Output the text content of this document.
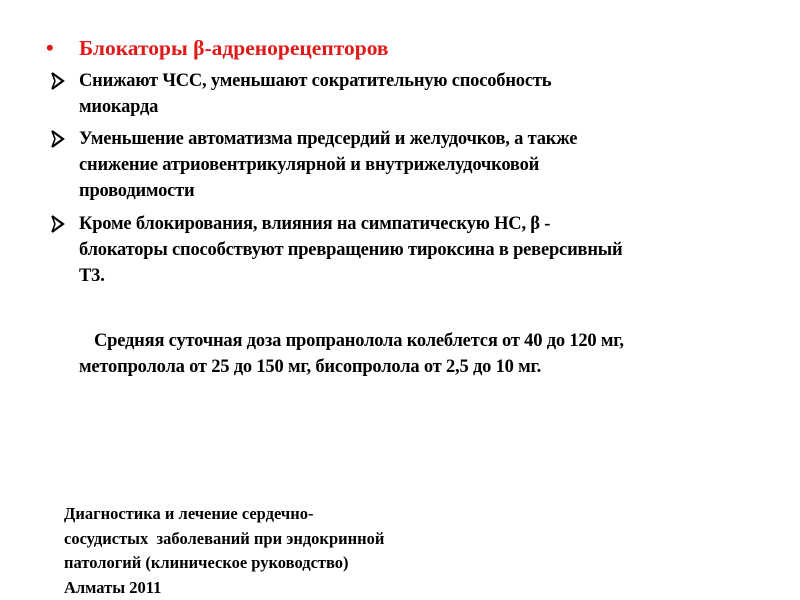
• Блокаторы β-адренорецепторов
Снижают ЧСС, уменьшают сократительную способность
миокарда
Уменьшение автоматизма предсердий и желудочков, а также
снижение атриовентрикулярной и внутрижелудочковой
проводимости
Кроме блокирования, влияния на симпатическую НС, β -
блокаторы способствуют превращению тироксина в реверсивный
Т3.
Средняя суточная доза пропранолола колеблется от 40 до 120 мг,
метопролола от 25 до 150 мг, бисопролола от 2,5 до 10 мг.
Диагностика и лечение сердечно-
сосудистых  заболеваний при эндокринной
патологий (клиническое руководство)
Алматы 2011
